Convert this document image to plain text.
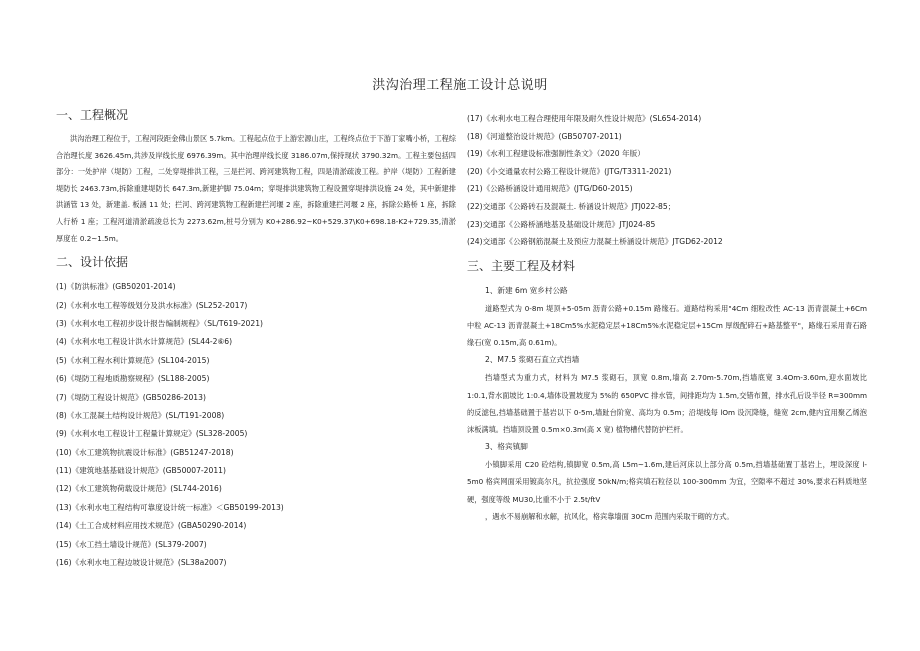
洪沟治理工程施工设计总说明
一、工程概况

洪沟治理工程位于，工程河段距金佛山景区 5.7km。工程起点位于上游宏源山庄，工程终点位于下游丁家嘴小桥，工程综合治理长度 3626.45m,共涉及岸线长度 6976.39m。其中治理岸线长度 3186.07m,保持现状 3790.32m。工程主要包括四部分：一处护岸（堤防）工程，二处穿堤排洪工程，三是拦河、跨河建筑物工程，四是清淤疏浚工程。护岸（堤防）工程新建堤防长 2463.73m,拆除重建堤防长 647.3m,新建护脚 75.04m；穿堤排洪建筑物工程设置穿堤排洪设施 24 处，其中新建排洪涵管 13 处，新建盖. 板涵 11 处；拦河、跨河建筑物工程新建拦河堰 2 座，拆除重建拦河堰 2 座，拆除公路桥 1 座，拆除人行桥 1 座；工程河道清淤疏浚总长为 2273.62m,桩号分别为 K0+286.92~K0+529.37\K0+698.18-K2+729.35,清淤厚度在 0.2~1.5m。

二、设计依据
(1)《防洪标准》(GB50201-2014)
(2)《水利水电工程等级划分及洪水标准》(SL252-2017)
(3)《水利水电工程初步设计报告编制规程》（SL/T619-2021)
(4)《水利水电工程设计洪水计算规范》(SL44-2⑥6)
(5)《水利工程水利计算规范》(SL104-2015)
(6)《堤防工程地质勘察规程》(SL188-2005)
(7)《堤防工程设计规范》(GB50286-2013)
(8)《水工混凝土结构设计规范》(SL/T191-2008)
(9)《水利水电工程设计工程量计算规定》(SL328-2005)
(10)《水工建筑物抗震设计标准》(GB51247-2018)
(11)《建筑地基基础设计规范》(GB50007-2011)
(12)《水工建筑物荷载设计规范》(SL744-2016)
(13)《水利水电工程结构可靠度设计统一标准》＜GB50199-2013)
(14)《土工合成材料应用技术规范》(GBA50290-2014)
(15)《水工挡土墙设计规范》(SL379-2007)
(16)《水利水电工程边坡设计规范》(SL38a2007)
(17)《水利水电工程合理使用年限及耐久性设计规范》(SL654-2014)
(18)《河道整治设计规范》(GB50707-2011)
(19)《水利工程建设标准强制性条文》（2020 年版）
(20)《小交通量农村公路工程设计规范》(JTG/T3311-2021)
(21)《公路桥涵设计通用规范》(JTG/D60-2015)
(22)交通部《公路砖石及混凝土. 桥涵设计规范》JTJ022-85；
(23)交通部《公路桥涵地基及基础设计规范》JTJ024-85
(24)交通部《公路钢筋混凝土及预应力混凝土桥涵设计规范》JTGD62-2012
三、主要工程及材料
1、新建 6m 宽乡村公路

道路型式为 0-8m 堤顶+5-05m 沥青公路+0.15m 路缘石。道路结构采用"4Cm 细粒改性 AC-13 沥青混凝土+6Cm 中粒 AC-13 沥青混凝土+18Cm5%水泥稳定层+18Cm5%水泥稳定层+15Cm 厚级配碎石+路基整平"，路缘石采用青石路缘石(宽 0.15m,高 0.61m)。

2、M7.5 浆砌石直立式挡墙

挡墙型式为重力式，材料为 M7.5 浆砌石，顶宽 0.8m,墙高 2.70m-5.70m,挡墙底宽 3.4Om-3.60m,迎水面坡比 1:0.1,背水面坡比 1:0.4,墙体设置坡度为 5%的 650PVC 排水管，间排距均为 1.5m,交错布置，排水孔后设半径 R=300mm 的反滤包,挡墙基础置于基岩以下 0-5m,墙趾台阶宽、高均为 0.5m；沿堤线每 lOm 设沉降缝，缝宽 2cm,健内宜用聚乙烯泡沫板满填。挡墙顶设置 0.5m×0.3m(高 X 宽) 植物槽代替防护栏杆。

3、格宾镇脚

小镇脚采用 C20 砼结构,镇脚宽 0.5m,高 L5m~1.6m,建后河床以上部分高 0.5m,挡墙基础置丁基岩上，埋设深度 l-5m0 格宾网面采用镀高尔凡，抗拉强度 50kN/m;格宾填石粒径以 100-300mm 为宜，空隙率不超过 30%,要求石料质地坚硬，强度等级 MU30,比重不小于 2.5t/ftV

，遇水不易崩解和水解，抗风化，格宾靠墙面 30Cm 范围内采取干砌的方式。
